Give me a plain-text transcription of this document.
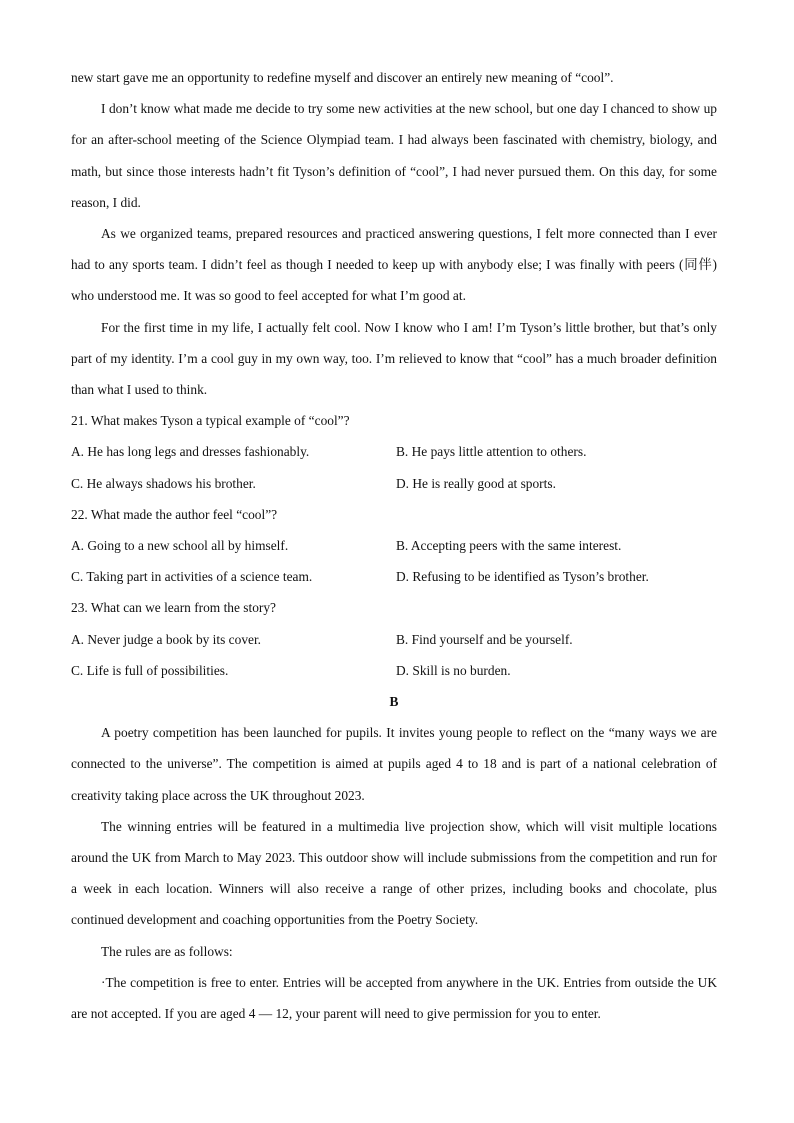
new start gave me an opportunity to redefine myself and discover an entirely new meaning of “cool”.

I don’t know what made me decide to try some new activities at the new school, but one day I chanced to show up for an after-school meeting of the Science Olympiad team. I had always been fascinated with chemistry, biology, and math, but since those interests hadn’t fit Tyson’s definition of “cool”, I had never pursued them. On this day, for some reason, I did.

As we organized teams, prepared resources and practiced answering questions, I felt more connected than I ever had to any sports team. I didn’t feel as though I needed to keep up with anybody else; I was finally with peers (同伴) who understood me. It was so good to feel accepted for what I’m good at.

For the first time in my life, I actually felt cool. Now I know who I am! I’m Tyson’s little brother, but that’s only part of my identity. I’m a cool guy in my own way, too. I’m relieved to know that “cool” has a much broader definition than what I used to think.

21. What makes Tyson a typical example of “cool”?

A. He has long legs and dresses fashionably.	B. He pays little attention to others.
C. He always shadows his brother.	D. He is really good at sports.

22. What made the author feel “cool”?

A. Going to a new school all by himself.	B. Accepting peers with the same interest.
C. Taking part in activities of a science team.	D. Refusing to be identified as Tyson’s brother.

23. What can we learn from the story?

A. Never judge a book by its cover.	B. Find yourself and be yourself.
C. Life is full of possibilities.	D. Skill is no burden.

B

A poetry competition has been launched for pupils. It invites young people to reflect on the “many ways we are connected to the universe”. The competition is aimed at pupils aged 4 to 18 and is part of a national celebration of creativity taking place across the UK throughout 2023.

The winning entries will be featured in a multimedia live projection show, which will visit multiple locations around the UK from March to May 2023. This outdoor show will include submissions from the competition and run for a week in each location. Winners will also receive a range of other prizes, including books and chocolate, plus continued development and coaching opportunities from the Poetry Society.

The rules are as follows:

·The competition is free to enter. Entries will be accepted from anywhere in the UK. Entries from outside the UK are not accepted. If you are aged 4 — 12, your parent will need to give permission for you to enter.
